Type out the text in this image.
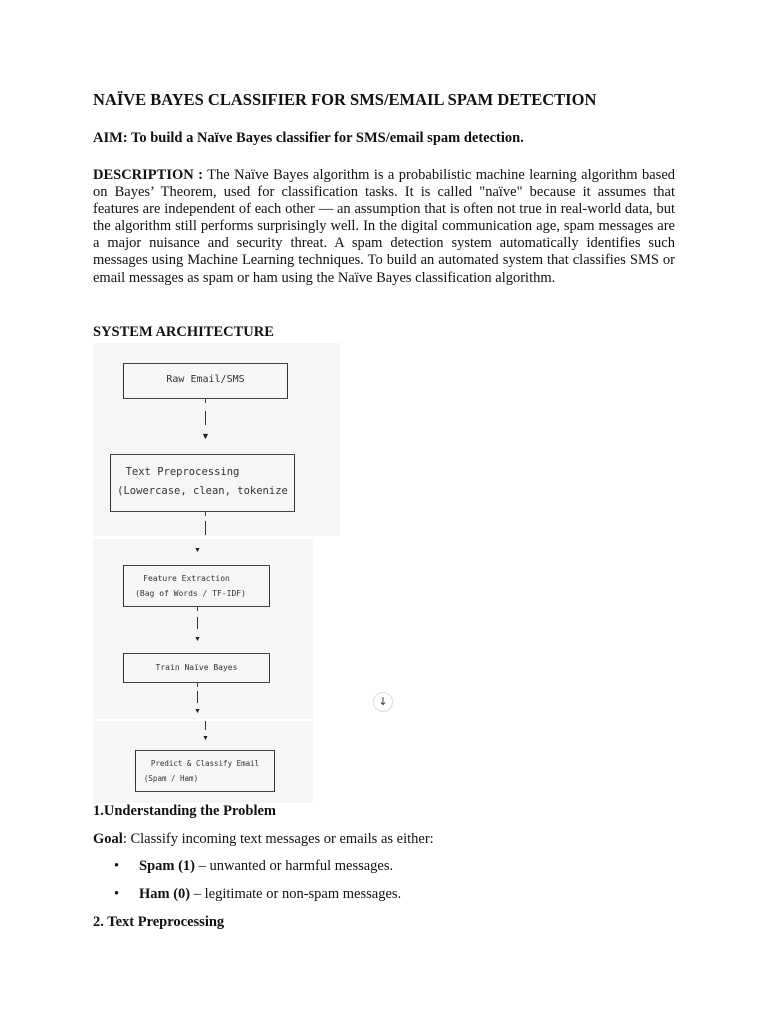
NAÏVE BAYES CLASSIFIER FOR SMS/EMAIL SPAM DETECTION

AIM: To build a Naïve Bayes classifier for SMS/email spam detection.

DESCRIPTION : The Naïve Bayes algorithm is a probabilistic machine learning algorithm based on Bayes’ Theorem, used for classification tasks. It is called "naïve" because it assumes that features are independent of each other — an assumption that is often not true in real-world data, but the algorithm still performs surprisingly well. In the digital communication age, spam messages are a major nuisance and security threat. A spam detection system automatically identifies such messages using Machine Learning techniques. To build an automated system that classifies SMS or email messages as spam or ham using the Naïve Bayes classification algorithm.

SYSTEM ARCHITECTURE
Raw Email/SMS
▼
Text Preprocessing
(Lowercase, clean, tokenize
▼
Feature Extraction
(Bag of Words / TF-IDF)
▼
Train Naïve Bayes
▼
▼
Predict & Classify Email
(Spam / Ham)
↓
1.Understanding the Problem

Goal: Classify incoming text messages or emails as either:

• Spam (1) – unwanted or harmful messages.
• Ham (0) – legitimate or non-spam messages.
2. Text Preprocessing
